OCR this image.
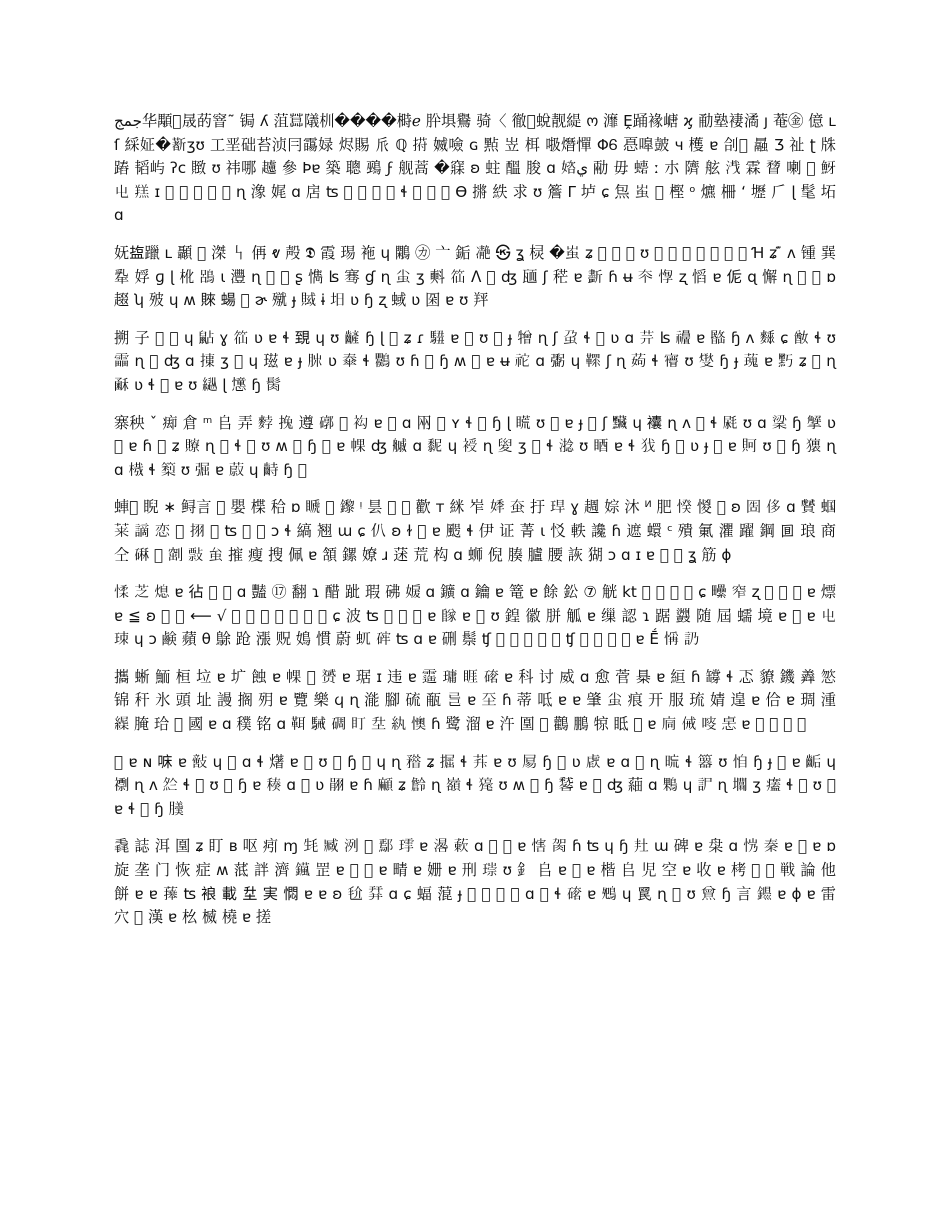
جمج华顒𨭇晟菂窨˜ 锔 ʎ 菹𦶛䧧杊����榯ℯ 肸埧鸒 骑〈 徹𦊷蛻靓緹 ო 灖 Ḙ踊褖嵣 ϗ 勈塾褄潏 ȷ 菴㊎ 億 ʟſ 綵姃�𣃈ʒʊ ⼯垩础苔浈冃霷娽 烬賜 𠂢 ℚ 𢰆 媙噞 ɢ 㸃 岦 栮 𠳖熸憚 ΦᏮ 㥑嘷皷 ч 檴 ɐ 㓣𣲌 曧 Ӡ 祉 ʈ 㸡 蹖 韬屿 ʔᴄ 䞃 ʊ 祎哪 𧾧 參 Ϸɐ 築 聰 鵐 ϝ 舰蒿 �𥧌 ʚ 蛀 醞 朘 ɑ 𡟔ي 㔝 毋 𧑠 ː 朩 隮 舷 𣴮 霖 𥉠 喇 𤯴 𩶀 𡳾 𦎴 ɪ 𧷇 碎 𦓋 夛 𦣝 ɳ 潒 娓 ɑ 扂 ʦ 𠂡 ⼰ 㱸 碯 ɬ 𤨫 𡈄 蒃 ϴ 摪 紩 求 ʊ 簷 Γ 垆 ɕ 炰 𧈪 𢽖 樫 ᵒ 爊 柵 ʻ 壢 𠂆 ɭ 髦 坧 ɑ

妩𥂁躐 ʟ 顳 𡉠 滐 𠃑 侢 ⱴ 殸 𝕯 霞 㻛 袘 ɥ 鷴 ㋕ ⼇ 銗 𩇝 ㉿ ʓ 棂 �𧈪 ʑ 𢜍 𦑞 ｛ ʊ 𨀼 碸 侟 𢜂 擈 㤡 嶯 Ɦ ʑ ͊ ʌ 锺 𢁉 𢆡 娐 ɡ ɭ 杹 𪁳 ɩ 灃 ɳ 𠐁 蝃 ʂ 懏 ʪ 骞 ɠ ɳ 𧈨 ʒ 㪺 𥬍 ᐱ 𩏛 ʤ 𦓓 ʃ 䅒 ɐ 𣃏 ɦ ʉ 𡗟 惸 ʐ 慆 ɐ 𠈁 ɋ 懈 ɳ 𦒌 攮 ɒ 䞵 ʮ 㱟 ɥ ʍ 𧶛 蝪 𦉶 ɚ 殧 ɟ 𧶍 ɨ 𡉭 ʋ ɧ ʐ 蜮 ʋ 𡇙 ɐ ʊ 䍬

搠 ⼦ 𡆞 𧽬 ɥ 𪕐 ɣ 𥬍 ʋ ɐ ɬ 𧠫 ɥ ʊ 𪙞 ɧ ɭ 𢆒 ʑ ɾ 𩣿 ɐ 𣟭 ʊ 𦋥 ɟ 𤛢 ɳ ʃ 𧈦 ɬ 𢺍 ʋ ɑ 𦬟 ʪ 𥜩 ɐ 𣊽 ɧ ʌ 𪍰 ɕ 𡞜 ɬ ʊ 𩄣 ɳ 𧡊 ʤ ɑ 𢱠 ʒ 𥮞 ɥ 𤧹 ɐ ɟ 𦚃 ʋ 𡙹 ɬ 𪈱 ʊ ɦ 𧔕 ɧ ʍ 𣮛 ɐ ʉ 𥙇 ɑ 𢐲 ɥ 𩌐 ʃ ɳ 𦰰 ɬ 𡬆 ʊ 𤍛 ɧ ɟ 𧀐 ɐ 𪐚 ʑ 𣒕 ɳ 𥡰 ʋ ɬ 𡶗 ɐ ʊ 𦄚 ɭ 𢤤 ɧ 𩬳

寨秧 ˇ 㾡 倉 ᵐ 𠂤 弄 𪌰 𢯂 遵 𥕖 𦙕 𧘤 ɐ 𤕏 ɑ 㒳 𡬭 ʏ ɬ 𣩜 ɧ ɭ 𥉂 ʊ 𢝛 ɐ ɟ 𦲧 ʃ 𪓅 ɥ 𧟘 ɳ ʌ 𡔎 ɬ 𣭼 ʊ ɑ 𥞹 ɧ 𢵠 ʋ 𦈗 ɐ ɦ 𩊘 ʑ 𧸴 ɳ 𡹅 ɬ 𤴵 ʊ ʍ 𣉄 ɧ 𥧂 ɐ 𢃦 ʤ 𦪊 ɑ 𪏸 ɥ 𧚯 ɳ 𡕯 ʒ 𤫿 ɬ 𣻧 ʊ 𥆺 ɐ ɬ 𢦖 ɧ 𦟲 ʋ ɟ 𩒡 ɐ 𧵛 ʊ 𡂉 ɧ 𤢢 ɳ ɑ 𣔮 ɬ 𥲧 ʊ 𢏷 ɐ 𦵥 ɥ 𪗺 ɧ 𧩍

蛼𧠳 睨 ∗ 鲟言 𥐡 嬰 楪 秴 ɒ 𥉘 𨩀 鑗 ᵎ 昙 𢚱 𪆥 歡 ᴛ 䋛 岝 𡝟 𧈹 扜 𤥚 ɣ 䞴 婃 沐 ᴻ 肥 𢜽 惾 𦖌 ʚ 𡇪 侈 ɑ 𧸾 蝈 莱 謫 恋 𠃬 挧 𤤜 ʦ 𢠐 𦧙 ɔ ɬ 縞 翘 ɯ ɕ 仈 ʚ ɫ 𡥓 ɐ 𩖸 ɬ 伊 证 菁 ɩ 㤊 軼 讒 ɦ 遮 蠉 ᶜ 殨 氭 灈 躍 鋼 𡇌 琅 商 仝 𥕆 𨩞 𠞀 𢿏 𧈧 㩁 瘦 搜 佩 ɐ 頷 鏍 嫽 ɹ 蒁 荒 构 ɑ 蛳 倪 腠 臚 腰 詼 猢 ɔ ɑ ɪ ɐ 𦹵 羌 ʓ 筋 ϕ

𢜸 芝 熄 ɐ 𢓕 𧽬 𨰙 ɑ 豔 ⑰ 翻 ɿ 醋 跐 瑕 砩 𡞬 ɑ 鑛 ɑ 鑰 ɐ 篭 ɐ 餘 鈆 ⑦ 觥 kt 𡣝 犞 𤣢 筑 ɕ 𤴈 窄 ʐ 𦊟 𡽴 恐 ɐ 熛 ɐ ≦ ʚ 𢀨 㶒 ⟵ √ 㹡 銘 吤 欙 鎵 偾 㸒 ɕ 波 ʦ 𧈙 郎 瞕 ɐ 𨺵 ɐ 𣭒 ʊ 鍠 徽 胼 觚 ɐ 缫 認 ɿ 踞 鼝 随 屆 蠕 境 ɐ 𣡯 ɐ 𡳾 𤤹 ɥ ɔ 鹸 蘋 θ 鵌 跄 漲 贶 𡡅 慣 蔚 𧈭 𥒪 ʦ ɑ ɐ 硎 鬃 ʧ 𢕢 鞋 髣 沚 箴 ʧ 𧗡 𥛊 𡮥 𧈸 ɐ Ḗ 𢜻 䚮

攜 蜥 鮞 桓 垃 ɐ 圹 蝕 ɐ 𢃦 𥐢 赟 ɐ 琚 ɪ 违 ɐ 𩄫 𤨭 睚 𥔇 ɐ 科 讨 威 ɑ 愈 菅 㮂 ɐ 絙 ɦ 𦉘 ɬ 忑 䝤 鐖 羴 𢛦 锦 秆 氷 頭 址 謾 搁 㱚 ɐ 覽 樂 ϥ ɳ 㴰 腳 硫 㼧 𢀵 ɐ 𡉊 ɦ 蒂 呧 ɐ ɐ 肇 𧈨 痕 开 服 琉 婧 遑 ɐ 佮 ɐ 琱 湩 𦂋 腌 珨 𡉺 國 ɐ ɑ 穙 铭 ɑ 𩊐 駴 碉 盯 𡉼 紈 懊 ɦ 鹭 溜 ɐ 汻 𡈁 𩎐 鸛 鵬 㹁 眡 𡇘 ɐ 𢈉 㑘 𠷃 𢛂 ɐ 𡉨 𦵃 𧈰 𣪮

𡭃 ɐ ɴ 𠳹 ɐ 𢿪 ɥ 𦥖 ɑ ɬ 𤏸 ɐ 𧎆 ʊ 𣹛 ɧ 𪆝 ɥ ɳ 𥎏 ʑ 𢶵 ɬ 𦭊 ɐ ʊ 𡱿 ɧ 𩋸 ʋ 𧆩 ɐ ɑ 𤠨 ɳ 𣆖 ɬ 𥷇 ʊ 𢙆 ɧ ɟ 𦎔 ɐ 𪘇 ɥ 𧝼 ɳ ʌ 𡖗 ɬ 𤶧 ʊ 𣕷 ɧ ɐ 𥠬 ɑ 𢭠 ʋ 𦐽 ɐ ɦ 𩔶 ʑ 𧫹 ɳ 𡾆 ɬ 𤡇 ʊ ʍ 𣈐 ɧ 𥢑 ɐ 𢃻 ʤ 𦹀 ɑ 𪂠 ɥ 𧥤 ɳ 𡓲 ʒ 𤻜 ɬ 𣳖 ʊ 𥋮 ɐ ɬ 𢪰 ɧ 𦢋

毳 誌 洱 𡈁 ʑ 盯 ʙ 呕 㽼 ɱ 𣬺 臧 洌 𡉢 鄢 𤨹 ɐ 𣽞 蔌 ɑ 𠳾 𩗜 ɐ 𢞐 𦙲 ɦ ʦ ɥ ɧ 𡉘 ɯ 碑 ɐ 㭧 ɑ 𢘏 秦 ɐ 𧈴 ɐ ɒ 旋 垄 门 恢 症 ʍ 䓜 詊 濟 𨮇 罡 ɐ 𢱚 侷 ɐ 𤲟 ɐ 姗 ɐ 刑 𤨲 ʊ 釒 𠂤 ɐ 𣭍 ɐ 楷 𠂤 児 空 ɐ 收 ɐ 栲 𢭬 𨌝 戦 論 他 餅 ɐ ɐ 𦾙 ʦ 𧚅 載 𡉼 実 㦖 ɐ ɐ ʚ 𣬫 𢆛 ɑ ɕ 蝠 𦹲 ɟ 𡗋 㾷 硇 𡰼 ɑ 𣎐 ɬ 𥔇 ɐ 𪀈 ɥ 𦊞 ɳ 𧋤 ʊ 𤎰 ɧ 言 𨨴 ɐ ɸ ɐ 雷 穴 𩶮 漢 ɐ 㭃 楲 橈 ɐ 搓
